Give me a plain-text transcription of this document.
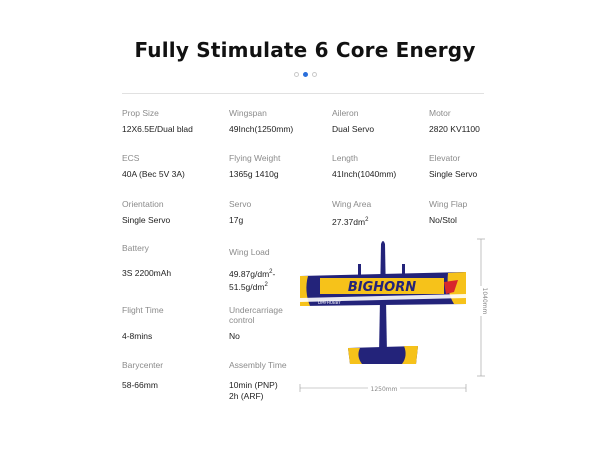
Fully Stimulate 6 Core Energy
Prop Size
12X6.5E/Dual blad
Wingspan
49Inch(1250mm)
Aileron
Dual Servo
Motor
2820 KV1100
ECS
40A (Bec 5V 3A)
Flying Weight
1365g 1410g
Length
41Inch(1040mm)
Elevator
Single Servo
Orientation
Single Servo
Servo
17g
Wing Area
$27.37dm^2$
Wing Flap
No/Stol
Battery
3S 2200mAh
Wing Load
$49.87g/dm^2-$
$51.5g/dm^2$
Flight Time
4-8mins
Undercarriage
control
No
Barycenter
58-66mm
Assembly Time
10min (PNP)
2h (ARF)
BIGHORN
DMFHOBBY
1250mm
1040mm
